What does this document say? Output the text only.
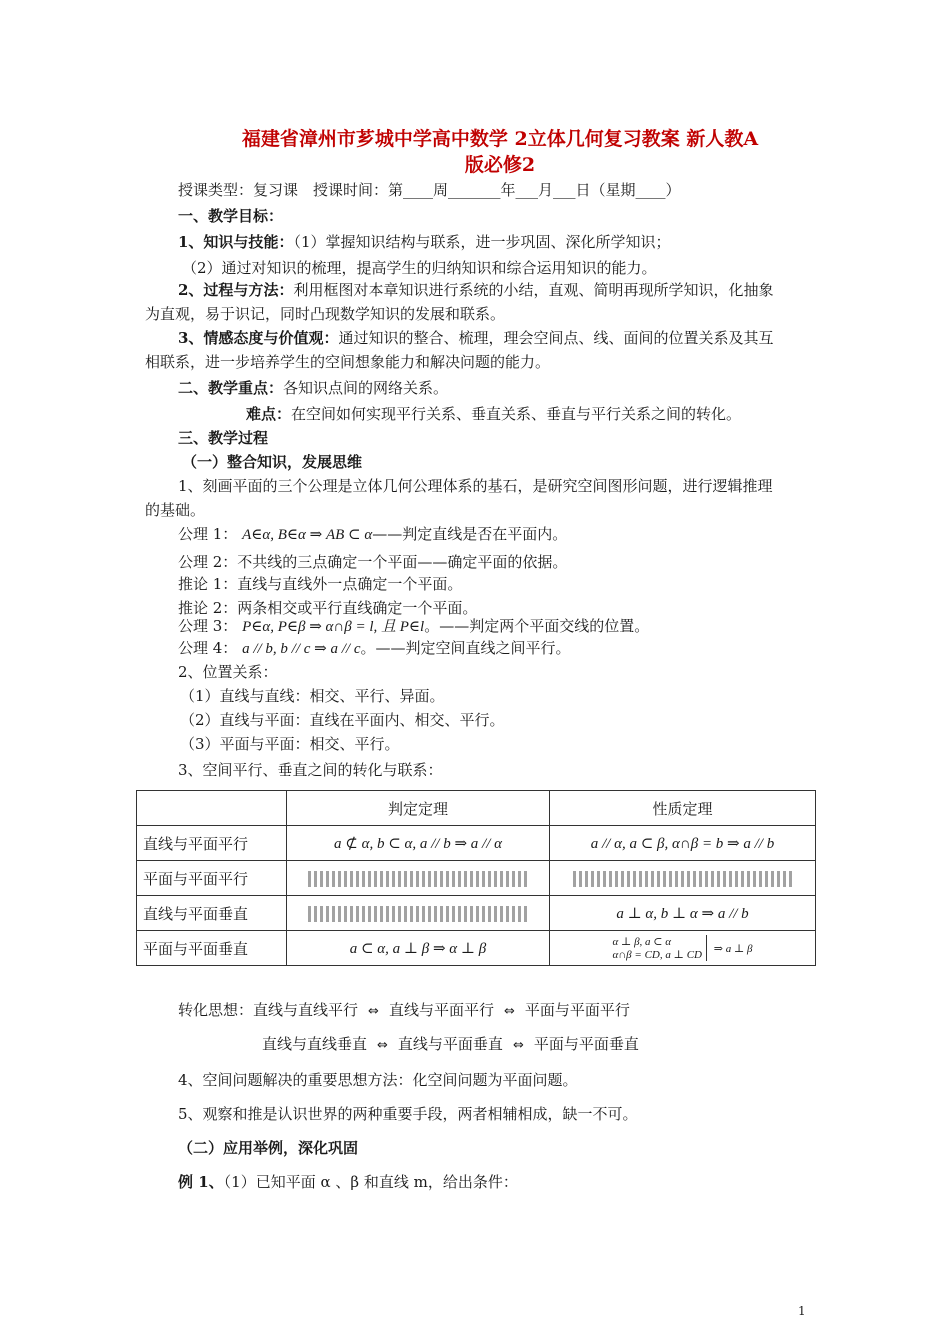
福建省漳州市芗城中学高中数学 2立体几何复习教案 新人教A
版必修2
授课类型：复习课　授课时间：第____周_______年___月___日（星期____）
一、教学目标：
1、知识与技能：（1）掌握知识结构与联系，进一步巩固、深化所学知识；
（2）通过对知识的梳理，提高学生的归纳知识和综合运用知识的能力。
2、过程与方法：利用框图对本章知识进行系统的小结，直观、简明再现所学知识，化抽象为直观，易于识记，同时凸现数学知识的发展和联系。
3、情感态度与价值观：通过知识的整合、梳理，理会空间点、线、面间的位置关系及其互相联系，进一步培养学生的空间想象能力和解决问题的能力。
二、教学重点：各知识点间的网络关系。
难点：在空间如何实现平行关系、垂直关系、垂直与平行关系之间的转化。
三、教学过程
（一）整合知识，发展思维
1、刻画平面的三个公理是立体几何公理体系的基石，是研究空间图形问题，进行逻辑推理的基础。
公理 1： A∈α, B∈α ⇒ AB ⊂ α——判定直线是否在平面内。
公理 2：不共线的三点确定一个平面——确定平面的依据。
推论 1：直线与直线外一点确定一个平面。
推论 2：两条相交或平行直线确定一个平面。
公理 3： P∈α, P∈β ⇒ α∩β = l, 且 P∈l。——判定两个平面交线的位置。
公理 4： a // b, b // c ⇒ a // c。——判定空间直线之间平行。
2、位置关系：
（1）直线与直线：相交、平行、异面。
（2）直线与平面：直线在平面内、相交、平行。
（3）平面与平面：相交、平行。
3、空间平行、垂直之间的转化与联系：
	判定定理	性质定理
直线与平面平行	a ⊄ α, b ⊂ α, a // b ⇒ a // α	a // α, a ⊂ β, α∩β = b ⇒ a // b
平面与平面平行		
直线与平面垂直		a ⊥ α, b ⊥ α ⇒ a // b
平面与平面垂直	a ⊂ α, a ⊥ β ⇒ α ⊥ β	α ⊥ β, a ⊂ α
α∩β = CD, a ⊥ CD
⇒ a ⊥ β
转化思想：直线与直线平行 ⇔ 直线与平面平行 ⇔ 平面与平面平行
直线与直线垂直 ⇔ 直线与平面垂直 ⇔ 平面与平面垂直
4、空间问题解决的重要思想方法：化空间问题为平面问题。
5、观察和推是认识世界的两种重要手段，两者相辅相成，缺一不可。
（二）应用举例，深化巩固
例 1、（1）已知平面 α 、β 和直线 m，给出条件：
1
